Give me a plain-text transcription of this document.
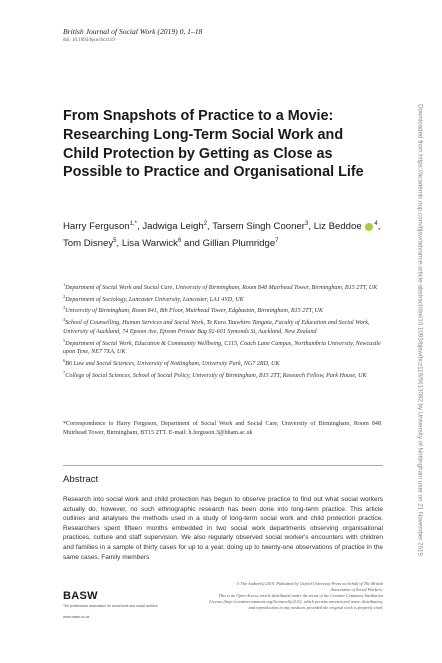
British Journal of Social Work (2019) 0, 1–18
doi: 10.1093/bjsw/bcz119
From Snapshots of Practice to a Movie: Researching Long-Term Social Work and Child Protection by Getting as Close as Possible to Practice and Organisational Life

Harry Ferguson$^{1,*}$, Jadwiga Leigh$^2$, Tarsem Singh Cooner$^3$, Liz Beddoe $^4$, Tom Disney$^5$, Lisa Warwick$^6$ and Gillian Plumridge$^7$

$^1$Department of Social Work and Social Care, University of Birmingham, Room 848 Muirhead Tower, Birmingham, B15 2TT, UK
$^2$Department of Sociology, Lancaster University, Lancaster, LA1 4YD, UK
$^3$University of Birmingham, Room 841, 8th Floor, Muirhead Tower, Edgbaston, Birmingham, B15 2TT, UK
$^4$School of Counselling, Human Services and Social Work, Te Kura Tauwhiro Tangata, Faculty of Education and Social Work, University of Auckland, 74 Epsom Ave, Epsom Private Bag 92-601 Symonds St, Auckland, New Zealand
$^5$Department of Social Work, Education & Community Wellbeing, C115, Coach Lane Campus, Northumbria University, Newcastle upon Tyne, NE7 7XA, UK
$^6$B6 Law and Social Sciences, University of Nottingham, University Park, NG7 2RD, UK
$^7$College of Social Sciences, School of Social Policy, University of Birmingham, B15 2TT, Research Fellow, Park House, UK

*Correspondence to Harry Ferguson, Department of Social Work and Social Care, University of Birmingham, Room 848 Muirhead Tower, Birmingham, BT15 2TT. E-mail: h.ferguson.3@bham.ac.uk

Abstract

Research into social work and child protection has begun to observe practice to find out what social workers actually do, however, no such ethnographic research has been done into long-term practice. This article outlines and analyses the methods used in a study of long-term social work and child protection practice. Researchers spent fifteen months embedded in two social work departments observing organisational practices, culture and staff supervision. We also regularly observed social worker's encounters with children and families in a sample of thirty cases for up to a year, doing up to twenty-one observations of practice in the same cases. Family members

BASW
The professional association for social work and social workers
www.basw.co.uk
© The Author(s) 2019. Published by Oxford University Press on behalf of The British
Association of Social Workers.
This is an Open Access article distributed under the terms of the Creative Commons Attribution
License (http://creativecommons.org/licenses/by/4.0/), which permits unrestricted reuse, distribution,
and reproduction in any medium, provided the original work is properly cited.
Downloaded from https://academic.oup.com/bjsw/advance-article-abstract/doi/10.1093/bjsw/bcz119/5613082 by University of Nottingham user on 21 November 2019
